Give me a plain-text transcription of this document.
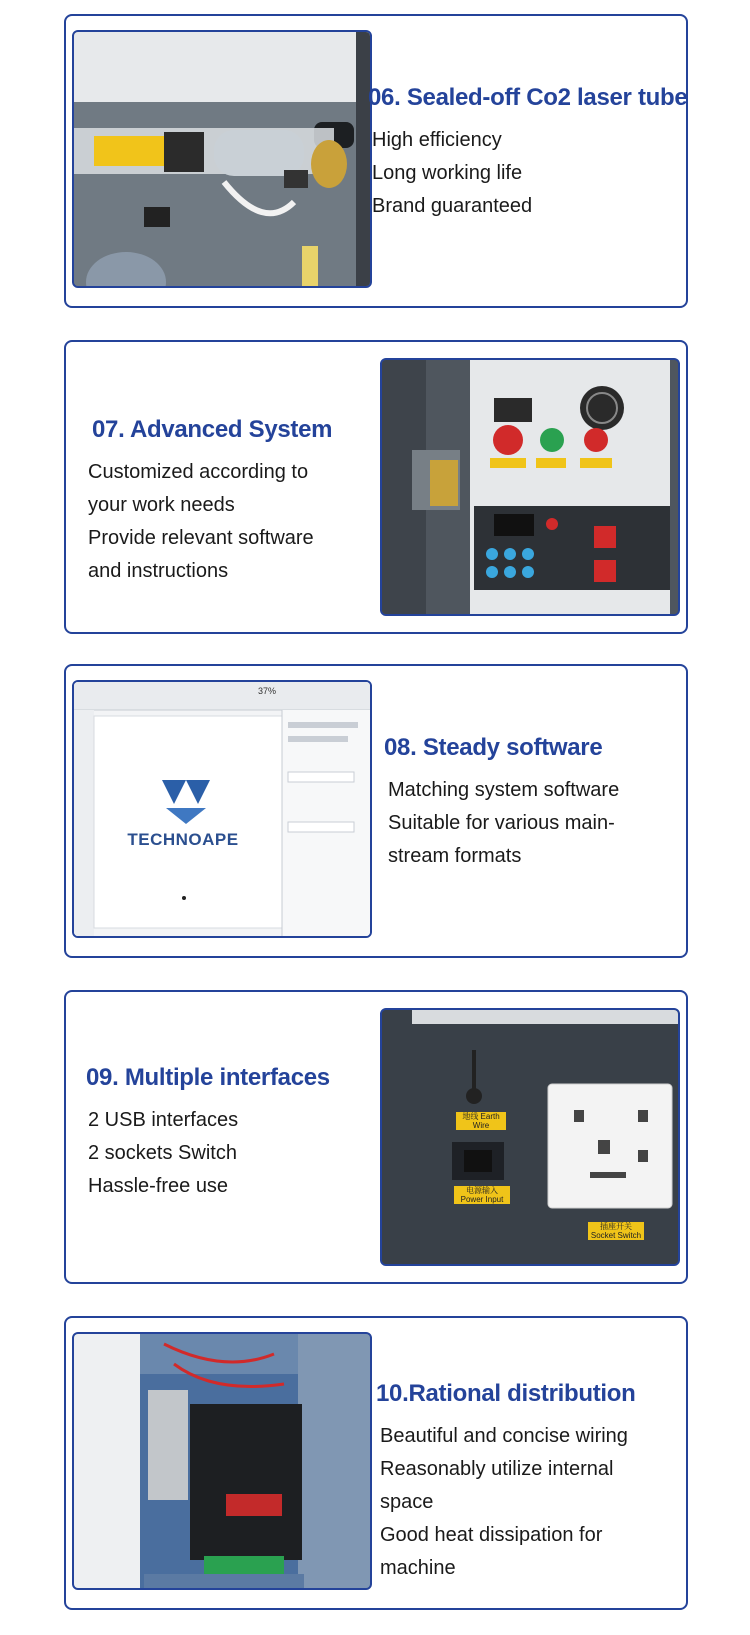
06. Sealed-off Co2 laser tube

High efficiency

Long working life

Brand guaranteed

07. Advanced System

Customized according to

your work needs

Provide relevant software

and instructions

TECHNOAPE
37%

08. Steady software

Matching system software

Suitable for various main-

stream formats

09. Multiple interfaces

2 USB interfaces

2 sockets Switch

Hassle-free use

地线 Earth Wire
电源输入 Power Input
插座开关 Socket Switch

10.Rational distribution

Beautiful and concise wiring

Reasonably utilize internal

space

Good heat dissipation for

machine
